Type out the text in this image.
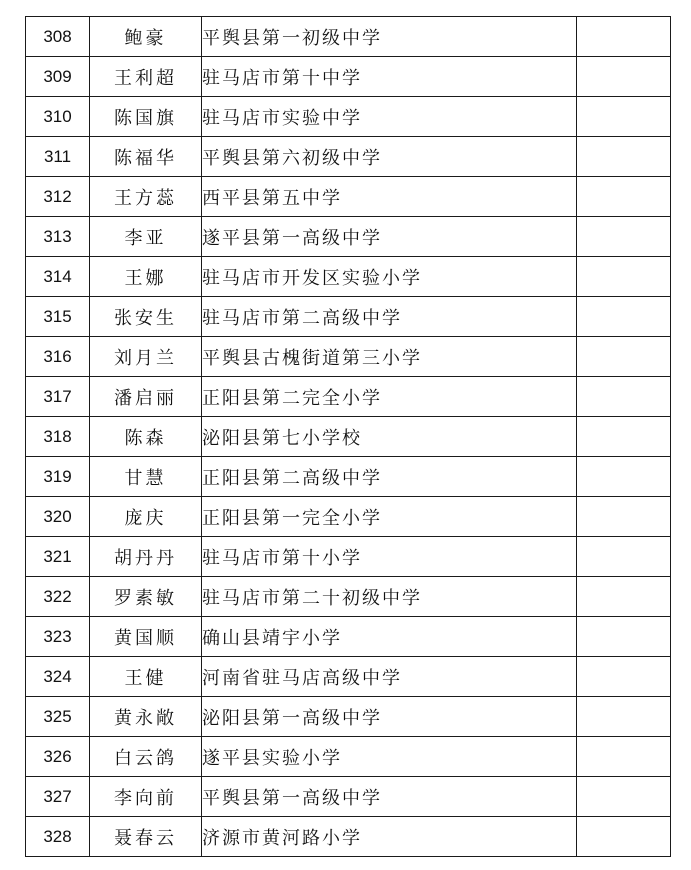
308	鲍豪	平舆县第一初级中学	
309	王利超	驻马店市第十中学	
310	陈国旗	驻马店市实验中学	
311	陈福华	平舆县第六初级中学	
312	王方蕊	西平县第五中学	
313	李亚	遂平县第一高级中学	
314	王娜	驻马店市开发区实验小学	
315	张安生	驻马店市第二高级中学	
316	刘月兰	平舆县古槐街道第三小学	
317	潘启丽	正阳县第二完全小学	
318	陈森	泌阳县第七小学校	
319	甘慧	正阳县第二高级中学	
320	庞庆	正阳县第一完全小学	
321	胡丹丹	驻马店市第十小学	
322	罗素敏	驻马店市第二十初级中学	
323	黄国顺	确山县靖宇小学	
324	王健	河南省驻马店高级中学	
325	黄永敞	泌阳县第一高级中学	
326	白云鸽	遂平县实验小学	
327	李向前	平舆县第一高级中学	
328	聂春云	济源市黄河路小学	
